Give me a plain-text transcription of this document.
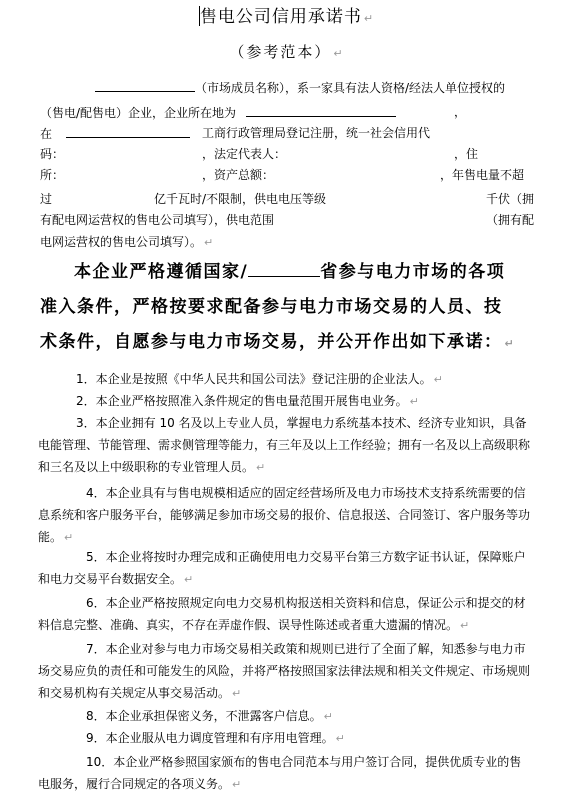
售电公司信用承诺书 ↵
（参考范本） ↵
（市场成员名称），系一家具有法人资格/经法人单位授权的
（售电/配售电）企业，企业所在地为	，
在	工商行政管理局登记注册，统一社会信用代
码：	，法定代表人：	，住
所：	，资产总额：	，年售电量不超
过	亿千瓦时/不限制，供电电压等级	千伏（拥
有配电网运营权的售电公司填写），供电范围	（拥有配
电网运营权的售电公司填写）。 ↵
本企业严格遵循国家/	省参与电力市场的各项
准入条件，严格按要求配备参与电力市场交易的人员、技
术条件，自愿参与电力市场交易，并公开作出如下承诺： ↵
1．本企业是按照《中华人民共和国公司法》登记注册的企业法人。 ↵
2．本企业严格按照准入条件规定的售电量范围开展售电业务。 ↵
3．本企业拥有 10 名及以上专业人员，掌握电力系统基本技术、经济专业知识，具备电能管理、节能管理、需求侧管理等能力，有三年及以上工作经验；拥有一名及以上高级职称和三名及以上中级职称的专业管理人员。 ↵
4．本企业具有与售电规模相适应的固定经营场所及电力市场技术支持系统需要的信息系统和客户服务平台，能够满足参加市场交易的报价、信息报送、合同签订、客户服务等功能。 ↵
5．本企业将按时办理完成和正确使用电力交易平台第三方数字证书认证，保障账户和电力交易平台数据安全。 ↵
6．本企业严格按照规定向电力交易机构报送相关资料和信息，保证公示和提交的材料信息完整、准确、真实，不存在弄虚作假、误导性陈述或者重大遗漏的情况。 ↵
7．本企业对参与电力市场交易相关政策和规则已进行了全面了解，知悉参与电力市场交易应负的责任和可能发生的风险，并将严格按照国家法律法规和相关文件规定、市场规则和交易机构有关规定从事交易活动。 ↵
8．本企业承担保密义务，不泄露客户信息。 ↵
9．本企业服从电力调度管理和有序用电管理。 ↵
10．本企业严格参照国家颁布的售电合同范本与用户签订合同，提供优质专业的售电服务，履行合同规定的各项义务。 ↵
